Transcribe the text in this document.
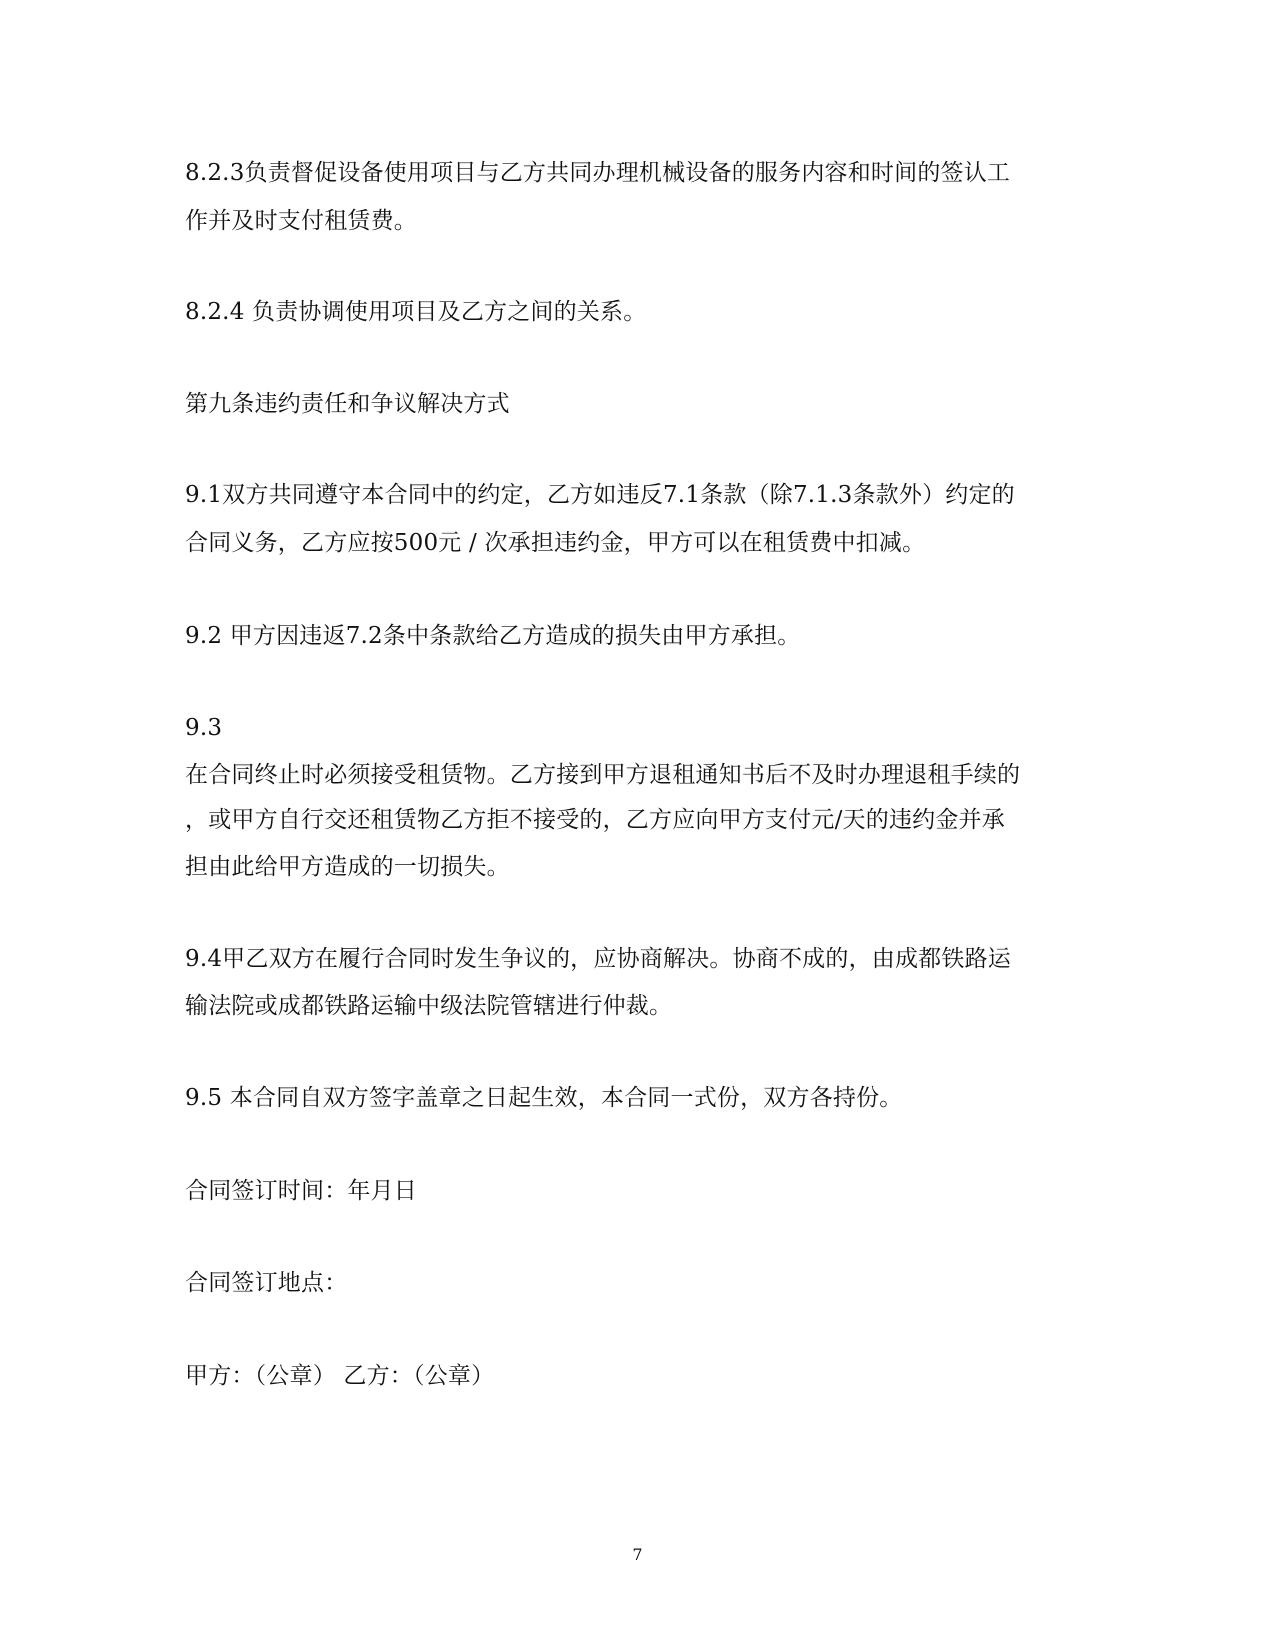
8.2.3负责督促设备使用项目与乙方共同办理机械设备的服务内容和时间的签认工
作并及时支付租赁费。
8.2.4 负责协调使用项目及乙方之间的关系。
第九条违约责任和争议解决方式
9.1双方共同遵守本合同中的约定，乙方如违反7.1条款（除7.1.3条款外）约定的
合同义务，乙方应按500元 / 次承担违约金，甲方可以在租赁费中扣减。
9.2 甲方因违返7.2条中条款给乙方造成的损失由甲方承担。
9.3
在合同终止时必须接受租赁物。乙方接到甲方退租通知书后不及时办理退租手续的
，或甲方自行交还租赁物乙方拒不接受的，乙方应向甲方支付元/天的违约金并承
担由此给甲方造成的一切损失。
9.4甲乙双方在履行合同时发生争议的，应协商解决。协商不成的，由成都铁路运
输法院或成都铁路运输中级法院管辖进行仲裁。
9.5 本合同自双方签字盖章之日起生效，本合同一式份，双方各持份。
合同签订时间：年月日
合同签订地点：
甲方：（公章） 乙方：（公章）
7
